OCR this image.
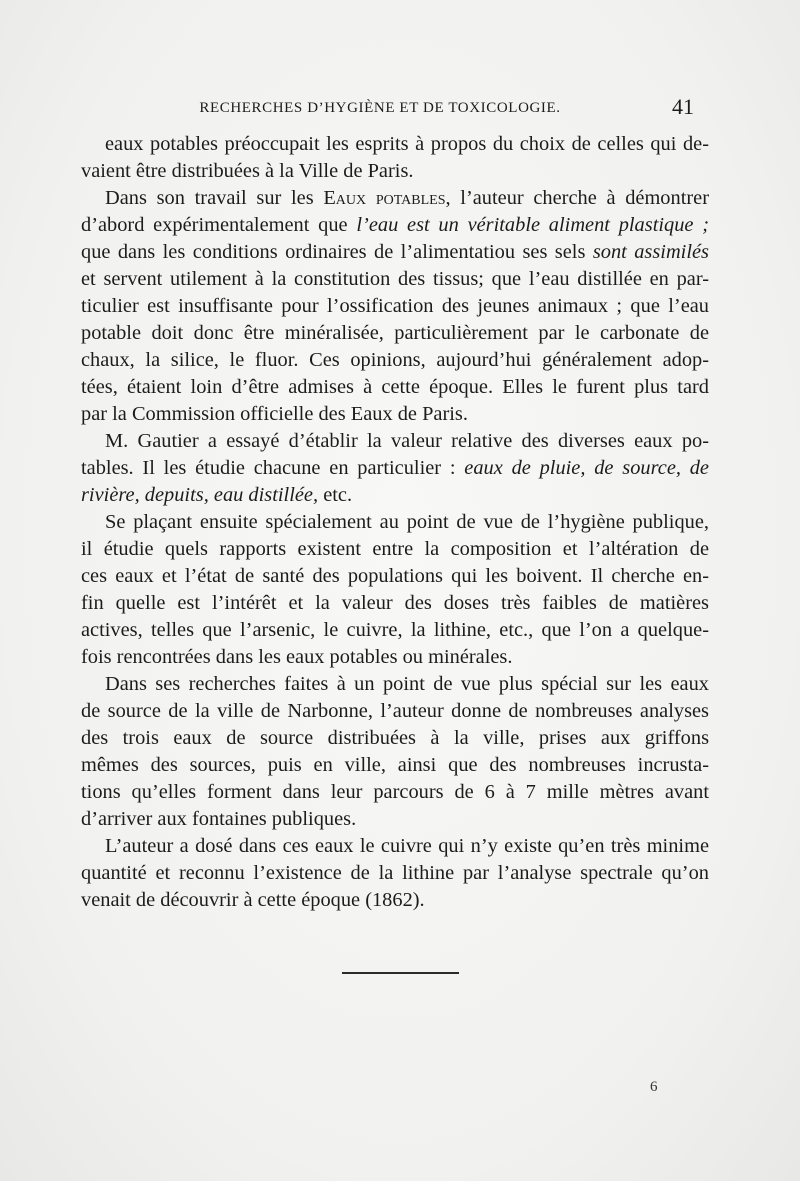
RECHERCHES D’HYGIÈNE ET DE TOXICOLOGIE.	41
eaux potables préoccupait les esprits à propos du choix de celles qui de-
vaient être distribuées à la Ville de Paris.
Dans son travail sur les Eaux potables, l’auteur cherche à démontrer
d’abord expérimentalement que l’eau est un véritable aliment plastique ;
que dans les conditions ordinaires de l’alimentatiou ses sels sont assimilés
et servent utilement à la constitution des tissus; que l’eau distillée en par-
ticulier est insuffisante pour l’ossification des jeunes animaux ; que l’eau
potable doit donc être minéralisée, particulièrement par le carbonate de
chaux, la silice, le fluor. Ces opinions, aujourd’hui généralement adop-
tées, étaient loin d’être admises à cette époque. Elles le furent plus tard
par la Commission officielle des Eaux de Paris.
M. Gautier a essayé d’établir la valeur relative des diverses eaux po-
tables. Il les étudie chacune en particulier : eaux de pluie, de source, de
rivière, depuits, eau distillée, etc.
Se plaçant ensuite spécialement au point de vue de l’hygiène publique,
il étudie quels rapports existent entre la composition et l’altération de
ces eaux et l’état de santé des populations qui les boivent. Il cherche en-
fin quelle est l’intérêt et la valeur des doses très faibles de matières
actives, telles que l’arsenic, le cuivre, la lithine, etc., que l’on a quelque-
fois rencontrées dans les eaux potables ou minérales.
Dans ses recherches faites à un point de vue plus spécial sur les eaux
de source de la ville de Narbonne, l’auteur donne de nombreuses analyses
des trois eaux de source distribuées à la ville, prises aux griffons
mêmes des sources, puis en ville, ainsi que des nombreuses incrusta-
tions qu’elles forment dans leur parcours de 6 à 7 mille mètres avant
d’arriver aux fontaines publiques.
L’auteur a dosé dans ces eaux le cuivre qui n’y existe qu’en très minime
quantité et reconnu l’existence de la lithine par l’analyse spectrale qu’on
venait de découvrir à cette époque (1862).
6
